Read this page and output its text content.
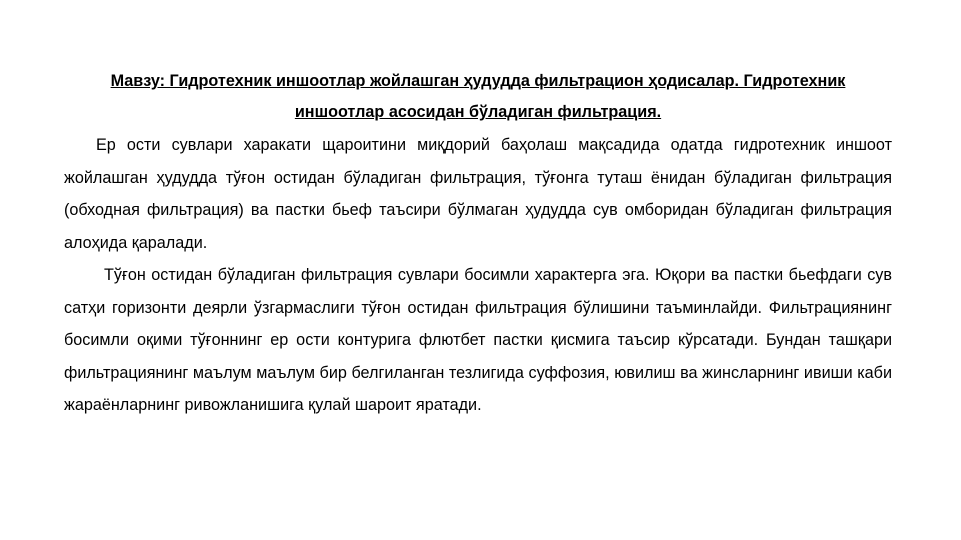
Мавзу: Гидротехник иншоотлар жойлашган ҳудудда фильтрацион ҳодисалар. Гидротехник иншоотлар асосидан бўладиган фильтрация.

Ер ости сувлари харакати щароитини миқдорий баҳолаш мақсадида одатда гидротехник иншоот жойлашган ҳудудда тўғон остидан бўладиган фильтрация, тўғонга туташ ёнидан бўладиган фильтрация (обходная фильтрация) ва пастки бьеф таъсири бўлмаган ҳудудда сув омборидан бўладиган фильтрация алоҳида қаралади.

Тўғон остидан бўладиган фильтрация сувлари босимли характерга эга. Юқори ва пастки бьефдаги сув сатҳи горизонти деярли ўзгармаслиги тўғон остидан фильтрация бўлишини таъминлайди. Фильтрациянинг босимли оқими тўғоннинг ер ости контурига флютбет пастки қисмига таъсир кўрсатади. Бундан ташқари фильтрациянинг маълум маълум бир белгиланган тезлигида суффозия, ювилиш ва жинсларнинг ивиши каби жараёнларнинг ривожланишига қулай шароит яратади.
